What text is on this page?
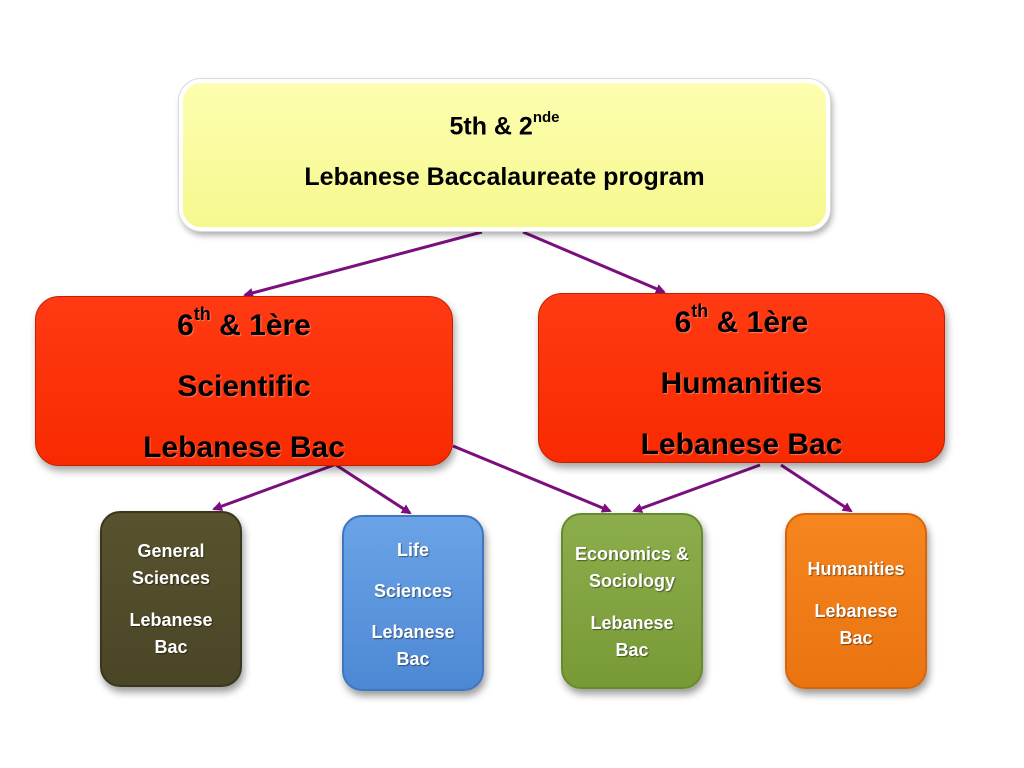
5th & 2nde
Lebanese Baccalaureate program
6th & 1ère
Scientific
Lebanese Bac
6th & 1ère
Humanities
Lebanese Bac
General
Sciences
Lebanese
Bac
Life
Sciences
Lebanese
Bac
Economics &
Sociology
Lebanese
Bac
Humanities
Lebanese
Bac
